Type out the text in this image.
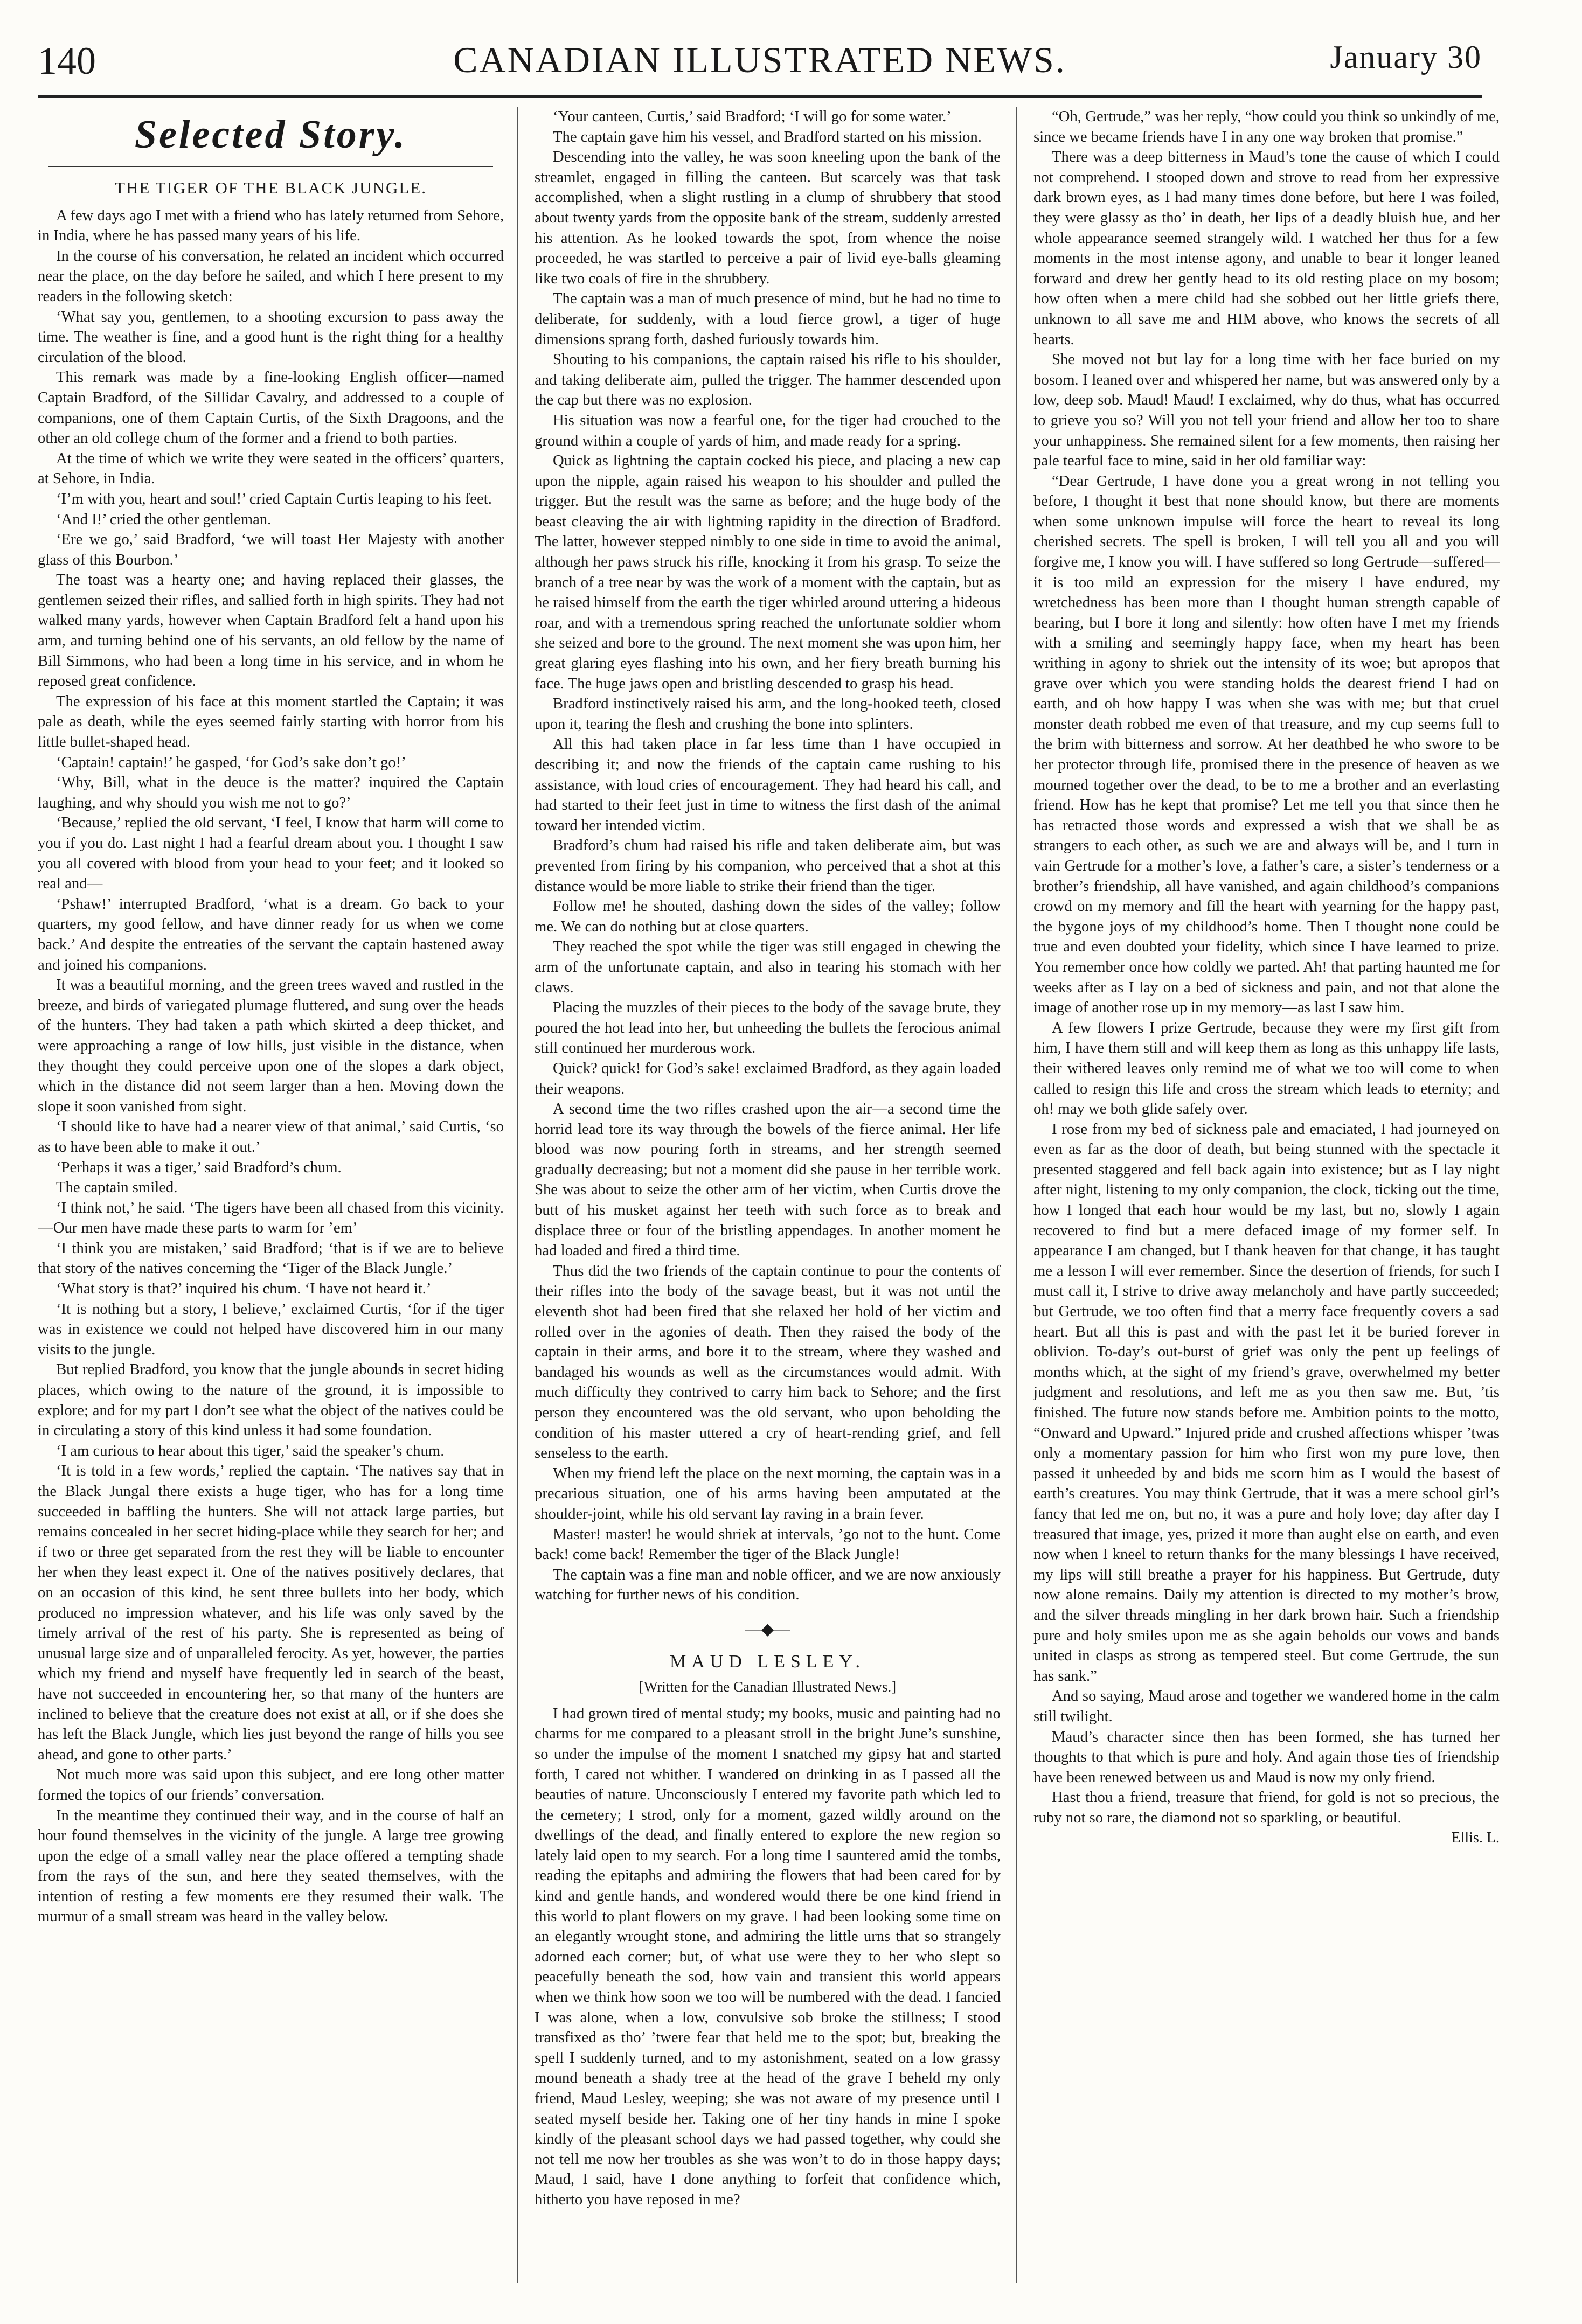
140	CANADIAN ILLUSTRATED NEWS.	January 30
Selected Story.
THE TIGER OF THE BLACK JUNGLE.

A few days ago I met with a friend who has lately returned from Sehore, in India, where he has passed many years of his life.

In the course of his conversation, he related an incident which occurred near the place, on the day before he sailed, and which I here present to my readers in the following sketch:

‘What say you, gentlemen, to a shooting excursion to pass away the time. The weather is fine, and a good hunt is the right thing for a healthy circulation of the blood.

This remark was made by a fine-looking English officer—named Captain Bradford, of the Sillidar Cavalry, and addressed to a couple of companions, one of them Captain Curtis, of the Sixth Dragoons, and the other an old college chum of the former and a friend to both parties.

At the time of which we write they were seated in the officers’ quarters, at Sehore, in India.

‘I’m with you, heart and soul!’ cried Captain Curtis leaping to his feet.

‘And I!’ cried the other gentleman.

‘Ere we go,’ said Bradford, ‘we will toast Her Majesty with another glass of this Bourbon.’

The toast was a hearty one; and having replaced their glasses, the gentlemen seized their rifles, and sallied forth in high spirits. They had not walked many yards, however when Captain Bradford felt a hand upon his arm, and turning behind one of his servants, an old fellow by the name of Bill Simmons, who had been a long time in his service, and in whom he reposed great confidence.

The expression of his face at this moment startled the Captain; it was pale as death, while the eyes seemed fairly starting with horror from his little bullet-shaped head.

‘Captain! captain!’ he gasped, ‘for God’s sake don’t go!’

‘Why, Bill, what in the deuce is the matter? inquired the Captain laughing, and why should you wish me not to go?’

‘Because,’ replied the old servant, ‘I feel, I know that harm will come to you if you do. Last night I had a fearful dream about you. I thought I saw you all covered with blood from your head to your feet; and it looked so real and—

‘Pshaw!’ interrupted Bradford, ‘what is a dream. Go back to your quarters, my good fellow, and have dinner ready for us when we come back.’ And despite the entreaties of the servant the captain hastened away and joined his companions.

It was a beautiful morning, and the green trees waved and rustled in the breeze, and birds of variegated plumage fluttered, and sung over the heads of the hunters. They had taken a path which skirted a deep thicket, and were approaching a range of low hills, just visible in the distance, when they thought they could perceive upon one of the slopes a dark object, which in the distance did not seem larger than a hen. Moving down the slope it soon vanished from sight.

‘I should like to have had a nearer view of that animal,’ said Curtis, ‘so as to have been able to make it out.’

‘Perhaps it was a tiger,’ said Bradford’s chum.

The captain smiled.

‘I think not,’ he said. ‘The tigers have been all chased from this vicinity.—Our men have made these parts to warm for ’em’

‘I think you are mistaken,’ said Bradford; ‘that is if we are to believe that story of the natives concerning the ‘Tiger of the Black Jungle.’

‘What story is that?’ inquired his chum. ‘I have not heard it.’

‘It is nothing but a story, I believe,’ exclaimed Curtis, ‘for if the tiger was in existence we could not helped have discovered him in our many visits to the jungle.

But replied Bradford, you know that the jungle abounds in secret hiding places, which owing to the nature of the ground, it is impossible to explore; and for my part I don’t see what the object of the natives could be in circulating a story of this kind unless it had some foundation.

‘I am curious to hear about this tiger,’ said the speaker’s chum.

‘It is told in a few words,’ replied the captain. ‘The natives say that in the Black Jungal there exists a huge tiger, who has for a long time succeeded in baffling the hunters. She will not attack large parties, but remains concealed in her secret hiding-place while they search for her; and if two or three get separated from the rest they will be liable to encounter her when they least expect it. One of the natives positively declares, that on an occasion of this kind, he sent three bullets into her body, which produced no impression whatever, and his life was only saved by the timely arrival of the rest of his party. She is represented as being of unusual large size and of unparalleled ferocity. As yet, however, the parties which my friend and myself have frequently led in search of the beast, have not succeeded in encountering her, so that many of the hunters are inclined to believe that the creature does not exist at all, or if she does she has left the Black Jungle, which lies just beyond the range of hills you see ahead, and gone to other parts.’

Not much more was said upon this subject, and ere long other matter formed the topics of our friends’ conversation.

In the meantime they continued their way, and in the course of half an hour found themselves in the vicinity of the jungle. A large tree growing upon the edge of a small valley near the place offered a tempting shade from the rays of the sun, and here they seated themselves, with the intention of resting a few moments ere they resumed their walk. The murmur of a small stream was heard in the valley below.

‘Your canteen, Curtis,’ said Bradford; ‘I will go for some water.’

The captain gave him his vessel, and Bradford started on his mission.

Descending into the valley, he was soon kneeling upon the bank of the streamlet, engaged in filling the canteen. But scarcely was that task accomplished, when a slight rustling in a clump of shrubbery that stood about twenty yards from the opposite bank of the stream, suddenly arrested his attention. As he looked towards the spot, from whence the noise proceeded, he was startled to perceive a pair of livid eye-balls gleaming like two coals of fire in the shrubbery.

The captain was a man of much presence of mind, but he had no time to deliberate, for suddenly, with a loud fierce growl, a tiger of huge dimensions sprang forth, dashed furiously towards him.

Shouting to his companions, the captain raised his rifle to his shoulder, and taking deliberate aim, pulled the trigger. The hammer descended upon the cap but there was no explosion.

His situation was now a fearful one, for the tiger had crouched to the ground within a couple of yards of him, and made ready for a spring.

Quick as lightning the captain cocked his piece, and placing a new cap upon the nipple, again raised his weapon to his shoulder and pulled the trigger. But the result was the same as before; and the huge body of the beast cleaving the air with lightning rapidity in the direction of Bradford. The latter, however stepped nimbly to one side in time to avoid the animal, although her paws struck his rifle, knocking it from his grasp. To seize the branch of a tree near by was the work of a moment with the captain, but as he raised himself from the earth the tiger whirled around uttering a hideous roar, and with a tremendous spring reached the unfortunate soldier whom she seized and bore to the ground. The next moment she was upon him, her great glaring eyes flashing into his own, and her fiery breath burning his face. The huge jaws open and bristling descended to grasp his head.

Bradford instinctively raised his arm, and the long-hooked teeth, closed upon it, tearing the flesh and crushing the bone into splinters.

All this had taken place in far less time than I have occupied in describing it; and now the friends of the captain came rushing to his assistance, with loud cries of encouragement. They had heard his call, and had started to their feet just in time to witness the first dash of the animal toward her intended victim.

Bradford’s chum had raised his rifle and taken deliberate aim, but was prevented from firing by his companion, who perceived that a shot at this distance would be more liable to strike their friend than the tiger.

Follow me! he shouted, dashing down the sides of the valley; follow me. We can do nothing but at close quarters.

They reached the spot while the tiger was still engaged in chewing the arm of the unfortunate captain, and also in tearing his stomach with her claws.

Placing the muzzles of their pieces to the body of the savage brute, they poured the hot lead into her, but unheeding the bullets the ferocious animal still continued her murderous work.

Quick? quick! for God’s sake! exclaimed Bradford, as they again loaded their weapons.

A second time the two rifles crashed upon the air—a second time the horrid lead tore its way through the bowels of the fierce animal. Her life blood was now pouring forth in streams, and her strength seemed gradually decreasing; but not a moment did she pause in her terrible work. She was about to seize the other arm of her victim, when Curtis drove the butt of his musket against her teeth with such force as to break and displace three or four of the bristling appendages. In another moment he had loaded and fired a third time.

Thus did the two friends of the captain continue to pour the contents of their rifles into the body of the savage beast, but it was not until the eleventh shot had been fired that she relaxed her hold of her victim and rolled over in the agonies of death. Then they raised the body of the captain in their arms, and bore it to the stream, where they washed and bandaged his wounds as well as the circumstances would admit. With much difficulty they contrived to carry him back to Sehore; and the first person they encountered was the old servant, who upon beholding the condition of his master uttered a cry of heart-rending grief, and fell senseless to the earth.

When my friend left the place on the next morning, the captain was in a precarious situation, one of his arms having been amputated at the shoulder-joint, while his old servant lay raving in a brain fever.

Master! master! he would shriek at intervals, ’go not to the hunt. Come back! come back! Remember the tiger of the Black Jungle!

The captain was a fine man and noble officer, and we are now anxiously watching for further news of his condition.

—◆—
MAUD LESLEY.
[Written for the Canadian Illustrated News.]

I had grown tired of mental study; my books, music and painting had no charms for me compared to a pleasant stroll in the bright June’s sunshine, so under the impulse of the moment I snatched my gipsy hat and started forth, I cared not whither. I wandered on drinking in as I passed all the beauties of nature. Unconsciously I entered my favorite path which led to the cemetery; I strod, only for a moment, gazed wildly around on the dwellings of the dead, and finally entered to explore the new region so lately laid open to my search. For a long time I sauntered amid the tombs, reading the epitaphs and admiring the flowers that had been cared for by kind and gentle hands, and wondered would there be one kind friend in this world to plant flowers on my grave. I had been looking some time on an elegantly wrought stone, and admiring the little urns that so strangely adorned each corner; but, of what use were they to her who slept so peacefully beneath the sod, how vain and transient this world appears when we think how soon we too will be numbered with the dead. I fancied I was alone, when a low, convulsive sob broke the stillness; I stood transfixed as tho’ ’twere fear that held me to the spot; but, breaking the spell I suddenly turned, and to my astonishment, seated on a low grassy mound beneath a shady tree at the head of the grave I beheld my only friend, Maud Lesley, weeping; she was not aware of my presence until I seated myself beside her. Taking one of her tiny hands in mine I spoke kindly of the pleasant school days we had passed together, why could she not tell me now her troubles as she was won’t to do in those happy days; Maud, I said, have I done anything to forfeit that confidence which, hitherto you have reposed in me?

“Oh, Gertrude,” was her reply, “how could you think so unkindly of me, since we became friends have I in any one way broken that promise.”

There was a deep bitterness in Maud’s tone the cause of which I could not comprehend. I stooped down and strove to read from her expressive dark brown eyes, as I had many times done before, but here I was foiled, they were glassy as tho’ in death, her lips of a deadly bluish hue, and her whole appearance seemed strangely wild. I watched her thus for a few moments in the most intense agony, and unable to bear it longer leaned forward and drew her gently head to its old resting place on my bosom; how often when a mere child had she sobbed out her little griefs there, unknown to all save me and HIM above, who knows the secrets of all hearts.

She moved not but lay for a long time with her face buried on my bosom. I leaned over and whispered her name, but was answered only by a low, deep sob. Maud! Maud! I exclaimed, why do thus, what has occurred to grieve you so? Will you not tell your friend and allow her too to share your unhappiness. She remained silent for a few moments, then raising her pale tearful face to mine, said in her old familiar way:

“Dear Gertrude, I have done you a great wrong in not telling you before, I thought it best that none should know, but there are moments when some unknown impulse will force the heart to reveal its long cherished secrets. The spell is broken, I will tell you all and you will forgive me, I know you will. I have suffered so long Gertrude—suffered—it is too mild an expression for the misery I have endured, my wretchedness has been more than I thought human strength capable of bearing, but I bore it long and silently: how often have I met my friends with a smiling and seemingly happy face, when my heart has been writhing in agony to shriek out the intensity of its woe; but apropos that grave over which you were standing holds the dearest friend I had on earth, and oh how happy I was when she was with me; but that cruel monster death robbed me even of that treasure, and my cup seems full to the brim with bitterness and sorrow. At her deathbed he who swore to be her protector through life, promised there in the presence of heaven as we mourned together over the dead, to be to me a brother and an everlasting friend. How has he kept that promise? Let me tell you that since then he has retracted those words and expressed a wish that we shall be as strangers to each other, as such we are and always will be, and I turn in vain Gertrude for a mother’s love, a father’s care, a sister’s tenderness or a brother’s friendship, all have vanished, and again childhood’s companions crowd on my memory and fill the heart with yearning for the happy past, the bygone joys of my childhood’s home. Then I thought none could be true and even doubted your fidelity, which since I have learned to prize. You remember once how coldly we parted. Ah! that parting haunted me for weeks after as I lay on a bed of sickness and pain, and not that alone the image of another rose up in my memory—as last I saw him.

A few flowers I prize Gertrude, because they were my first gift from him, I have them still and will keep them as long as this unhappy life lasts, their withered leaves only remind me of what we too will come to when called to resign this life and cross the stream which leads to eternity; and oh! may we both glide safely over.

I rose from my bed of sickness pale and emaciated, I had journeyed on even as far as the door of death, but being stunned with the spectacle it presented staggered and fell back again into existence; but as I lay night after night, listening to my only companion, the clock, ticking out the time, how I longed that each hour would be my last, but no, slowly I again recovered to find but a mere defaced image of my former self. In appearance I am changed, but I thank heaven for that change, it has taught me a lesson I will ever remember. Since the desertion of friends, for such I must call it, I strive to drive away melancholy and have partly succeeded; but Gertrude, we too often find that a merry face frequently covers a sad heart. But all this is past and with the past let it be buried forever in oblivion. To-day’s out-burst of grief was only the pent up feelings of months which, at the sight of my friend’s grave, overwhelmed my better judgment and resolutions, and left me as you then saw me. But, ’tis finished. The future now stands before me. Ambition points to the motto, “Onward and Upward.” Injured pride and crushed affections whisper ’twas only a momentary passion for him who first won my pure love, then passed it unheeded by and bids me scorn him as I would the basest of earth’s creatures. You may think Gertrude, that it was a mere school girl’s fancy that led me on, but no, it was a pure and holy love; day after day I treasured that image, yes, prized it more than aught else on earth, and even now when I kneel to return thanks for the many blessings I have received, my lips will still breathe a prayer for his happiness. But Gertrude, duty now alone remains. Daily my attention is directed to my mother’s brow, and the silver threads mingling in her dark brown hair. Such a friendship pure and holy smiles upon me as she again beholds our vows and bands united in clasps as strong as tempered steel. But come Gertrude, the sun has sank.”

And so saying, Maud arose and together we wandered home in the calm still twilight.

Maud’s character since then has been formed, she has turned her thoughts to that which is pure and holy. And again those ties of friendship have been renewed between us and Maud is now my only friend.

Hast thou a friend, treasure that friend, for gold is not so precious, the ruby not so rare, the diamond not so sparkling, or beautiful.

Ellis. L.
